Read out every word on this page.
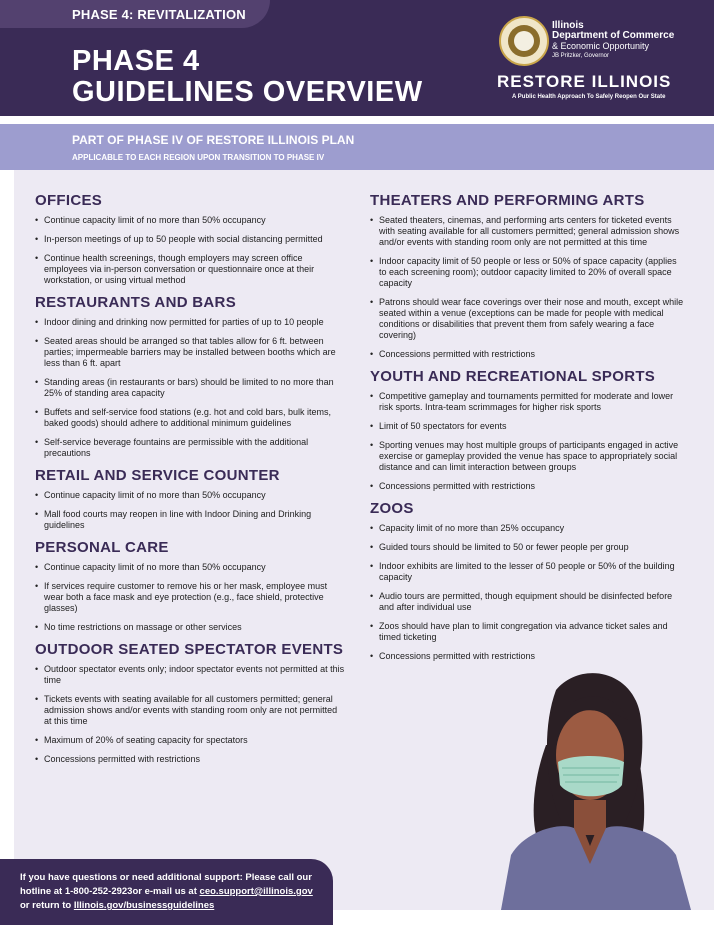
PHASE 4: REVITALIZATION
PHASE 4
GUIDELINES OVERVIEW
Illinois
Department of Commerce
& Economic Opportunity
JB Pritzker, Governor
RESTORE ILLINOIS
A Public Health Approach To Safely Reopen Our State
PART OF PHASE IV OF RESTORE ILLINOIS PLAN
APPLICABLE TO EACH REGION UPON TRANSITION TO PHASE IV
OFFICES
• Continue capacity limit of no more than 50% occupancy
• In-person meetings of up to 50 people with social distancing permitted
• Continue health screenings, though employers may screen office employees via in-person conversation or questionnaire once at their workstation, or using virtual method
RESTAURANTS AND BARS
• Indoor dining and drinking now permitted for parties of up to 10 people
• Seated areas should be arranged so that tables allow for 6 ft. between parties; impermeable barriers may be installed between booths which are less than 6 ft. apart
• Standing areas (in restaurants or bars) should be limited to no more than 25% of standing area capacity
• Buffets and self-service food stations (e.g. hot and cold bars, bulk items, baked goods) should adhere to additional minimum guidelines
• Self-service beverage fountains are permissible with the additional precautions
RETAIL AND SERVICE COUNTER
• Continue capacity limit of no more than 50% occupancy
• Mall food courts may reopen in line with Indoor Dining and Drinking guidelines
PERSONAL CARE
• Continue capacity limit of no more than 50% occupancy
• If services require customer to remove his or her mask, employee must wear both a face mask and eye protection (e.g., face shield, protective glasses)
• No time restrictions on massage or other services
OUTDOOR SEATED SPECTATOR EVENTS
• Outdoor spectator events only; indoor spectator events not permitted at this time
• Tickets events with seating available for all customers permitted; general admission shows and/or events with standing room only are not permitted at this time
• Maximum of 20% of seating capacity for spectators
• Concessions permitted with restrictions
THEATERS AND PERFORMING ARTS
• Seated theaters, cinemas, and performing arts centers for ticketed events with seating available for all customers permitted; general admission shows and/or events with standing room only are not permitted at this time
• Indoor capacity limit of 50 people or less or 50% of space capacity (applies to each screening room); outdoor capacity limited to 20% of overall space capacity
• Patrons should wear face coverings over their nose and mouth, except while seated within a venue (exceptions can be made for people with medical conditions or disabilities that prevent them from safely wearing a face covering)
• Concessions permitted with restrictions
YOUTH AND RECREATIONAL SPORTS
• Competitive gameplay and tournaments permitted for moderate and lower risk sports. Intra-team scrimmages for higher risk sports
• Limit of 50 spectators for events
• Sporting venues may host multiple groups of participants engaged in active exercise or gameplay provided the venue has space to appropriately social distance and can limit interaction between groups
• Concessions permitted with restrictions
ZOOS
• Capacity limit of no more than 25% occupancy
• Guided tours should be limited to 50 or fewer people per group
• Indoor exhibits are limited to the lesser of 50 people or 50% of the building capacity
• Audio tours are permitted, though equipment should be disinfected before and after individual use
• Zoos should have plan to limit congregation via advance ticket sales and timed ticketing
• Concessions permitted with restrictions
If you have questions or need additional support: Please call our
hotline at 1-800-252-2923or e-mail us at ceo.support@illinois.gov
or return to Illinois.gov/businessguidelines
